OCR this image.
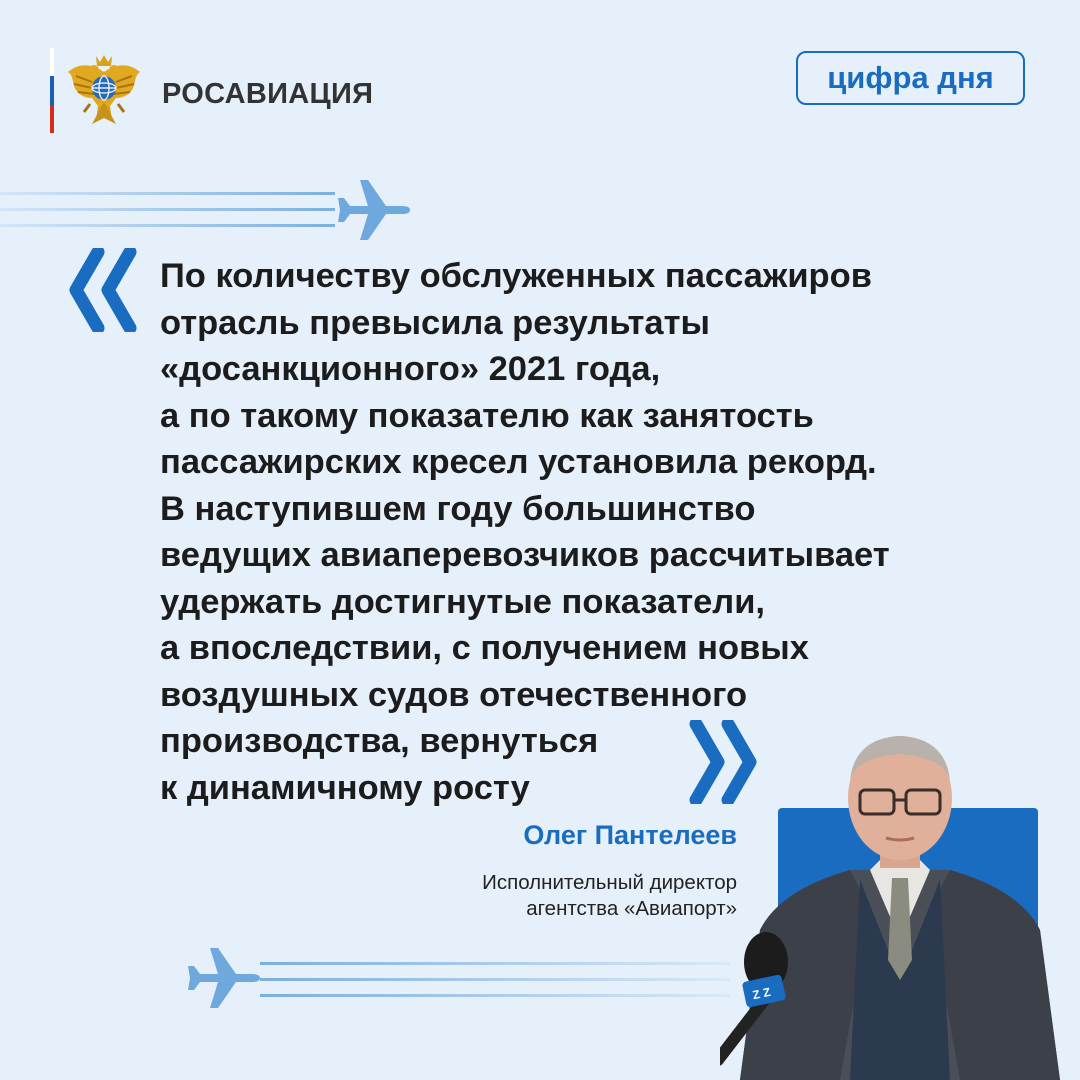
РОСАВИАЦИЯ	цифра дня
По количеству обслуженных пассажиров
отрасль превысила результаты
«досанкционного» 2021 года,
а по такому показателю как занятость
пассажирских кресел установила рекорд.
В наступившем году большинство
ведущих авиаперевозчиков рассчитывает
удержать достигнутые показатели,
а впоследствии, с получением новых
воздушных судов отечественного
производства, вернуться
к динамичному росту
Олег Пантелеев
Исполнительный директор
агентства «Авиапорт»
Z Z
